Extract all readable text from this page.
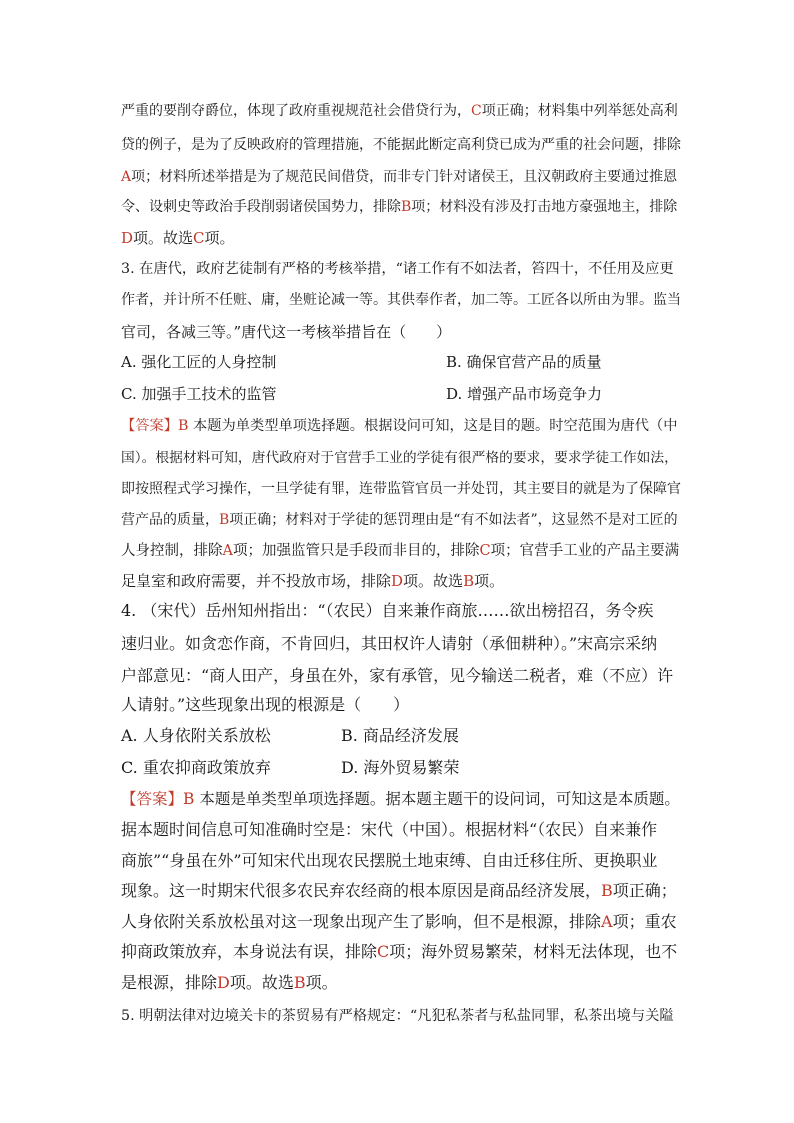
严重的要削夺爵位，体现了政府重视规范社会借贷行为，C项正确；材料集中列举惩处高利
贷的例子，是为了反映政府的管理措施，不能据此断定高利贷已成为严重的社会问题，排除
A项；材料所述举措是为了规范民间借贷，而非专门针对诸侯王，且汉朝政府主要通过推恩
令、设刺史等政治手段削弱诸侯国势力，排除B项；材料没有涉及打击地方豪强地主，排除
D项。故选C项。
3. 在唐代，政府艺徒制有严格的考核举措，“诸工作有不如法者，笞四十，不任用及应更
作者，并计所不任赃、庸，坐赃论减一等。其供奉作者，加二等。工匠各以所由为罪。监当
官司，各减三等。”唐代这一考核举措旨在（　　）
A. 强化工匠的人身控制	B. 确保官营产品的质量
C. 加强手工技术的监管	D. 增强产品市场竞争力
【答案】B 本题为单类型单项选择题。根据设问可知，这是目的题。时空范围为唐代（中
国）。根据材料可知，唐代政府对于官营手工业的学徒有很严格的要求，要求学徒工作如法，
即按照程式学习操作，一旦学徒有罪，连带监管官员一并处罚，其主要目的就是为了保障官
营产品的质量，B项正确；材料对于学徒的惩罚理由是“有不如法者”，这显然不是对工匠的
人身控制，排除A项；加强监管只是手段而非目的，排除C项；官营手工业的产品主要满
足皇室和政府需要，并不投放市场，排除D项。故选B项。
4. （宋代）岳州知州指出：“（农民）自来兼作商旅……欲出榜招召，务令疾
速归业。如贪恋作商，不肯回归，其田权许人请射（承佃耕种）。”宋高宗采纳
户部意见：“商人田产，身虽在外，家有承管，见今输送二税者，难（不应）许
人请射。”这些现象出现的根源是（　　）
A. 人身依附关系放松	B. 商品经济发展
C. 重农抑商政策放弃	D. 海外贸易繁荣
【答案】B 本题是单类型单项选择题。据本题主题干的设问词，可知这是本质题。
据本题时间信息可知准确时空是：宋代（中国）。根据材料“（农民）自来兼作
商旅”“身虽在外”可知宋代出现农民摆脱土地束缚、自由迁移住所、更换职业
现象。这一时期宋代很多农民弃农经商的根本原因是商品经济发展，B项正确；
人身依附关系放松虽对这一现象出现产生了影响，但不是根源，排除A项；重农
抑商政策放弃，本身说法有误，排除C项；海外贸易繁荣，材料无法体现，也不
是根源，排除D项。故选B项。
5. 明朝法律对边境关卡的茶贸易有严格规定：“凡犯私茶者与私盐同罪，私茶出境与关隘
